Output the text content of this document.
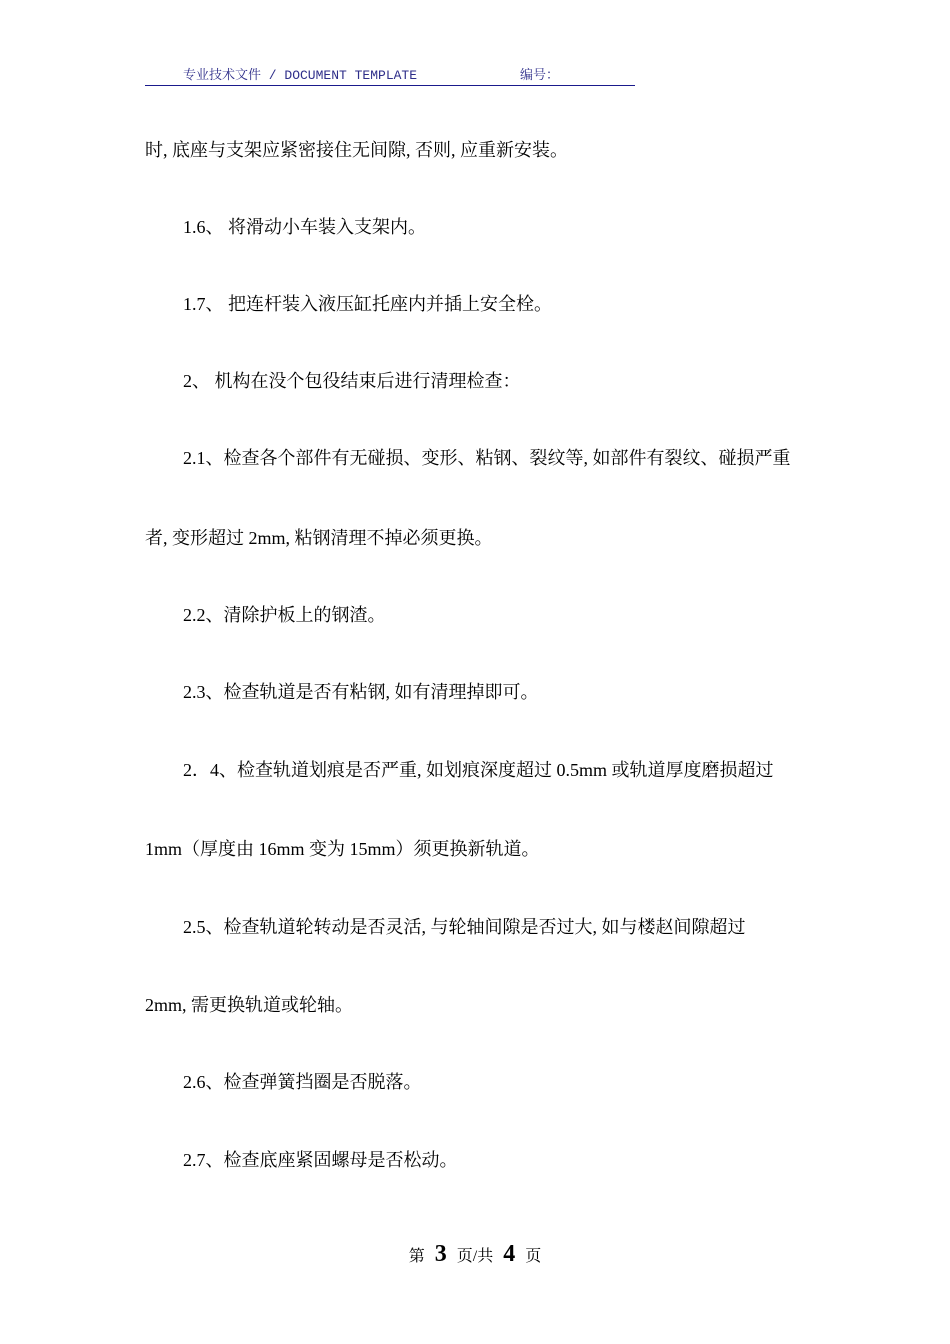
专业技术文件 / DOCUMENT TEMPLATE	编号：
时, 底座与支架应紧密接住无间隙, 否则, 应重新安装。
1.6、 将滑动小车装入支架内。
1.7、 把连杆装入液压缸托座内并插上安全栓。
2、 机构在没个包役结束后进行清理检查：
2.1、检查各个部件有无碰损、变形、粘钢、裂纹等, 如部件有裂纹、碰损严重
者, 变形超过 2mm, 粘钢清理不掉必须更换。
2.2、清除护板上的钢渣。
2.3、检查轨道是否有粘钢, 如有清理掉即可。
2．4、检查轨道划痕是否严重, 如划痕深度超过 0.5mm 或轨道厚度磨损超过
1mm（厚度由 16mm 变为 15mm）须更换新轨道。
2.5、检查轨道轮转动是否灵活, 与轮轴间隙是否过大, 如与楼赵间隙超过
2mm, 需更换轨道或轮轴。
2.6、检查弹簧挡圈是否脱落。
2.7、检查底座紧固螺母是否松动。
第 3 页/共 4 页
